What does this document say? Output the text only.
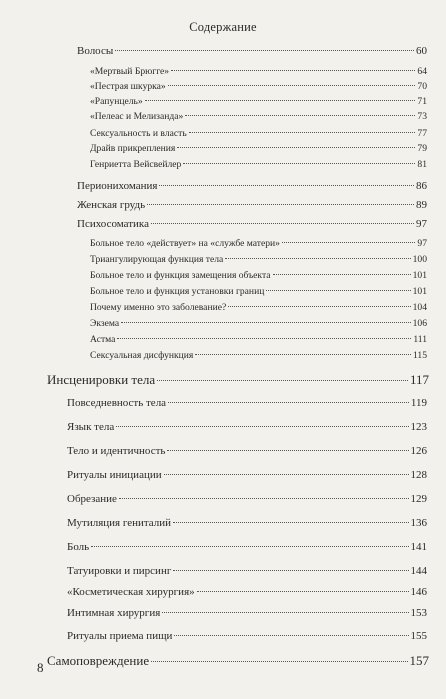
Содержание
Волосы	60
«Мертвый Брюгге»	64
«Пестрая шкурка»	70
«Рапунцель»	71
«Пелеас и Мелизанда»	73
Сексуальность и власть	77
Драйв прикрепления	79
Генриетта Вейсвейлер	81
Перионихомания	86
Женская грудь	89
Психосоматика	97
Больное тело «действует» на «службе матери»	97
Триангулирующая функция тела	100
Больное тело и функция замещения объекта	101
Больное тело и функция установки границ	101
Почему именно это заболевание?	104
Экзема	106
Астма	111
Сексуальная дисфункция	115
Инсценировки тела	117
Повседневность тела	119
Язык тела	123
Тело и идентичность	126
Ритуалы инициации	128
Обрезание	129
Мутиляция гениталий	136
Боль	141
Татуировки и пирсинг	144
«Косметическая хирургия»	146
Интимная хирургия	153
Ритуалы приема пищи	155
Самоповреждение	157
8
